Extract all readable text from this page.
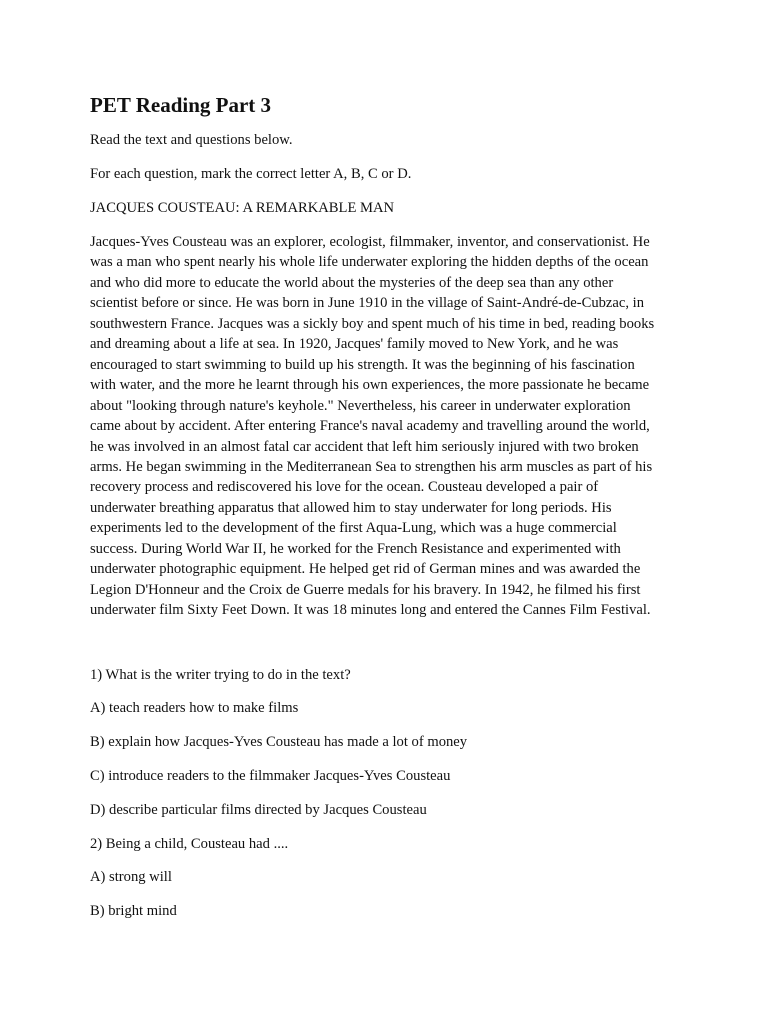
PET Reading Part 3

Read the text and questions below.

For each question, mark the correct letter A, B, C or D.

JACQUES COUSTEAU: A REMARKABLE MAN

Jacques-Yves Cousteau was an explorer, ecologist, filmmaker, inventor, and conservationist. He
was a man who spent nearly his whole life underwater exploring the hidden depths of the ocean
and who did more to educate the world about the mysteries of the deep sea than any other
scientist before or since. He was born in June 1910 in the village of Saint-André-de-Cubzac, in
southwestern France. Jacques was a sickly boy and spent much of his time in bed, reading books
and dreaming about a life at sea. In 1920, Jacques' family moved to New York, and he was
encouraged to start swimming to build up his strength. It was the beginning of his fascination
with water, and the more he learnt through his own experiences, the more passionate he became
about "looking through nature's keyhole." Nevertheless, his career in underwater exploration
came about by accident. After entering France's naval academy and travelling around the world,
he was involved in an almost fatal car accident that left him seriously injured with two broken
arms. He began swimming in the Mediterranean Sea to strengthen his arm muscles as part of his
recovery process and rediscovered his love for the ocean. Cousteau developed a pair of
underwater breathing apparatus that allowed him to stay underwater for long periods. His
experiments led to the development of the first Aqua-Lung, which was a huge commercial
success. During World War II, he worked for the French Resistance and experimented with
underwater photographic equipment. He helped get rid of German mines and was awarded the
Legion D'Honneur and the Croix de Guerre medals for his bravery. In 1942, he filmed his first
underwater film Sixty Feet Down. It was 18 minutes long and entered the Cannes Film Festival.

1) What is the writer trying to do in the text?

A) teach readers how to make films

B) explain how Jacques-Yves Cousteau has made a lot of money

C) introduce readers to the filmmaker Jacques-Yves Cousteau

D) describe particular films directed by Jacques Cousteau

2) Being a child, Cousteau had ....

A) strong will

B) bright mind
